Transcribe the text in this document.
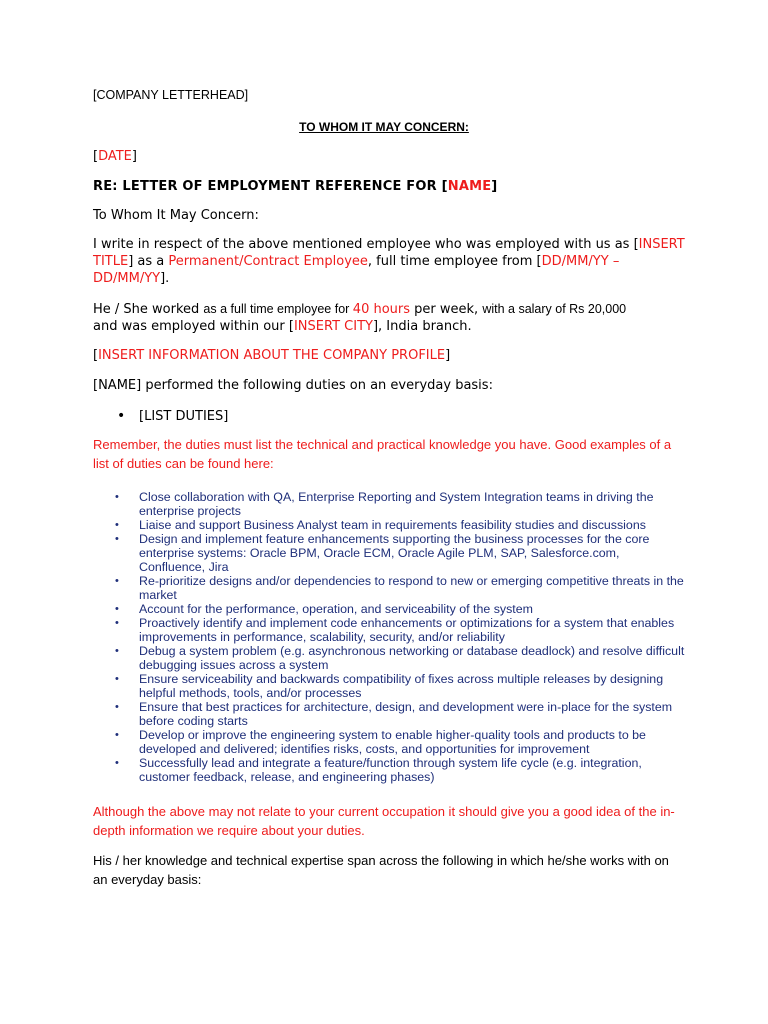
[COMPANY LETTERHEAD]
TO WHOM IT MAY CONCERN:
[DATE]
RE: LETTER OF EMPLOYMENT REFERENCE FOR [NAME]
To Whom It May Concern:
I write in respect of the above mentioned employee who was employed with us as [INSERT TITLE] as a Permanent/Contract Employee, full time employee from [DD/MM/YY – DD/MM/YY].
He / She worked as a full time employee for 40 hours per week, with a salary of Rs 20,000
and was employed within our [INSERT CITY], India branch.
[INSERT INFORMATION ABOUT THE COMPANY PROFILE]
[NAME] performed the following duties on an everyday basis:
• [LIST DUTIES]
Remember, the duties must list the technical and practical knowledge you have. Good examples of a list of duties can be found here:
• Close collaboration with QA, Enterprise Reporting and System Integration teams in driving the enterprise projects
• Liaise and support Business Analyst team in requirements feasibility studies and discussions
• Design and implement feature enhancements supporting the business processes for the core enterprise systems: Oracle BPM, Oracle ECM, Oracle Agile PLM, SAP, Salesforce.com, Confluence, Jira
• Re-prioritize designs and/or dependencies to respond to new or emerging competitive threats in the market
• Account for the performance, operation, and serviceability of the system
• Proactively identify and implement code enhancements or optimizations for a system that enables improvements in performance, scalability, security, and/or reliability
• Debug a system problem (e.g. asynchronous networking or database deadlock) and resolve difficult debugging issues across a system
• Ensure serviceability and backwards compatibility of fixes across multiple releases by designing helpful methods, tools, and/or processes
• Ensure that best practices for architecture, design, and development were in-place for the system before coding starts
• Develop or improve the engineering system to enable higher-quality tools and products to be developed and delivered; identifies risks, costs, and opportunities for improvement
• Successfully lead and integrate a feature/function through system life cycle (e.g. integration, customer feedback, release, and engineering phases)
Although the above may not relate to your current occupation it should give you a good idea of the in-depth information we require about your duties.
His / her knowledge and technical expertise span across the following in which he/she works with on an everyday basis:
